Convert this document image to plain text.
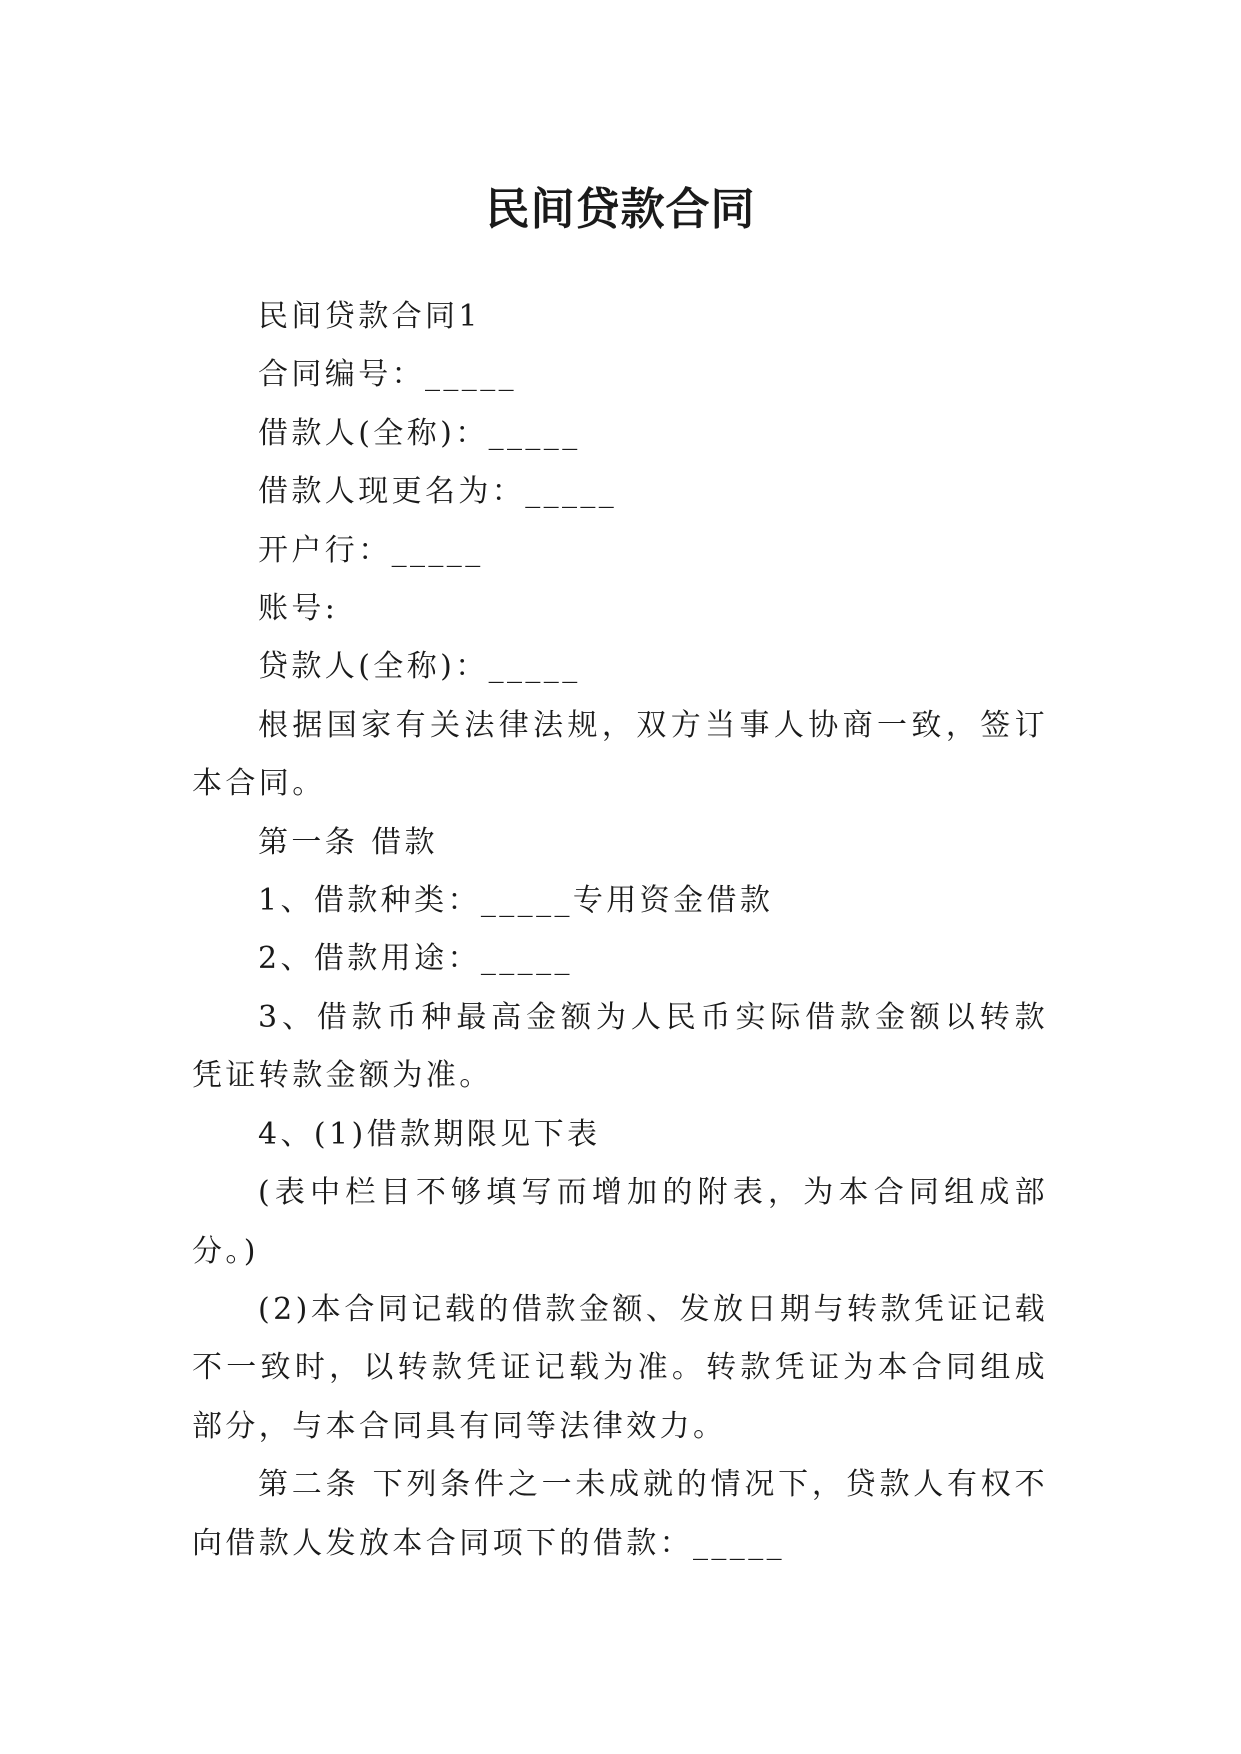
民间贷款合同

民间贷款合同1

合同编号：_____

借款人(全称)：_____

借款人现更名为：_____

开户行：_____

账号:

贷款人(全称)：_____

根据国家有关法律法规，双方当事人协商一致，签订本合同。

第一条 借款

1、借款种类：_____专用资金借款

2、借款用途：_____

3、借款币种最高金额为人民币实际借款金额以转款凭证转款金额为准。

4、(1)借款期限见下表

(表中栏目不够填写而增加的附表，为本合同组成部分。)

(2)本合同记载的借款金额、发放日期与转款凭证记载不一致时，以转款凭证记载为准。转款凭证为本合同组成部分，与本合同具有同等法律效力。

第二条 下列条件之一未成就的情况下，贷款人有权不向借款人发放本合同项下的借款：_____
